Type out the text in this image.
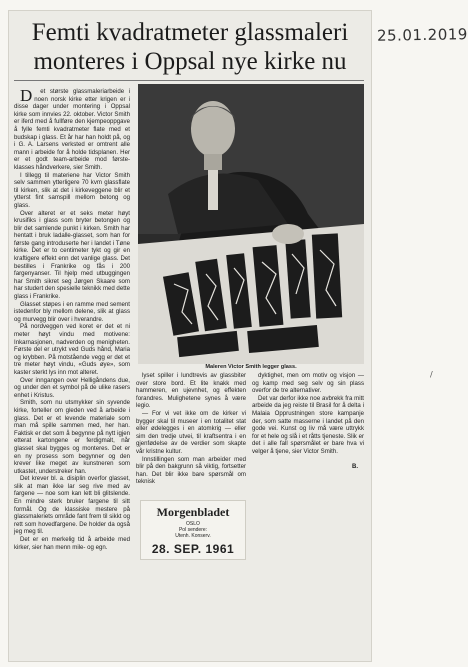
25.01.2019
Femti kvadratmeter glassmaleri
monteres i Oppsal nye kirke nu

Det største glassmaleriarbeide i noen norsk kirke etter krigen er i disse dager under montering i Oppsal kirke som innvies 22. oktober. Victor Smith er iferd med å fullføre den kjempeoppgave å fylle femti kvadratmeter flate med et budskap i glass. Et år har han holdt på, og i G. A. Larsens verksted er omtrent alle mann i arbeide for å holde tidsplanen. Her er et godt team-arbeide mod første-klasses håndverkere, sier Smith.

I tillegg til materiene har Victor Smith selv sammen ytterligere 70 kvm glassflate til kirken, slik at det i kirkeveggene blir et ytterst fint samspill mellom betong og glass.

Over alteret er et seks meter høyt krusifiks i glass som bryter betongen og blir det samlende punkt i kirken. Smith har hentatt i bruk ladalle-glasset, som han for første gang introduserte her i landet i Tøne kirke. Det er to centimeter tykt og gir en kraftigere effekt enn det vanlige glass. Det bestilles i Frankrike og fås i 200 fargenyanser. Til hjelp med utbuggingen har Smith sikret seg Jørgen Skaare som har studert den spesielle teknikk med dette glass i Frankrike.

Glasset støpes i en ramme med sement istedenfor bly mellom delene, slik at glass og murvegg blir over i hverandre.

På nordveggen ved koret er det et ni meter høyt vindu med motivene: Inkarnasjonen, nadverden og menigheten. Første del er utrykt ved Guds hånd, Maria og krybben. På motstående vegg er det et tre meter høyt vindu, «Guds øye», som kaster sterkt lys inn mot alteret.

Over inngangen over Helligåndens due, og under den et symbol på de ulike rasers enhet i Kristus.

Smith, som nu utsmykker sin syvende kirke, forteller om gleden ved å arbeide i glass. Det er et levende materiale som man må spille sammen med, her han. Faktisk er det som å begynne på nytt igjen etterat kartongene er ferdigmalt, når glasset skal bygges og monteres. Det er en ny prosess som begynner og den krever like meget av kunstneren som utkastet, understreker han.

Det krever bl. a. disiplin overfor glasset, slik at man ikke lar seg rive med av fargene — noe som kan lett bli glitslende. En mindre sterk bruker fargene til sitt formål. Og de klassiske mestere på glassmaleriets område fant frem til sikkt og rett som hovedfargene. De holder da også jeg meg til.

Det er en merkelig tid å arbeide med kirker, sier han menn mile- og egn.

Maleren Victor Smith legger glass.

lyset spiller i lundtrevis av glassbiter over store bord. Et lite knakk med hammeren, en ujevnhet, og effekten forandres. Mulighetene synes å være legio.

— For vi vet ikke om de kirker vi bygger skal til museer i en totalitet stat eller ødelegges i en atomkrig — eller sim den tredje utvei, til kraftsentra i en gjenfødelse av de verdier som skapte vår kristne kultur.

Innstillingen som man arbeider med blir på den bakgrunn så viktig, fortsetter han. Det blir ikke bare spørsmål om teknisk

dyktighet, men om motiv og visjon — og kamp med seg selv og sin plass overfor de tre alternativer.

Det var derfor ikke noe avbrekk fra mitt arbeide da jeg reiste til Brasil for å delta i Malaia Opprustningen store kampanje der, som satte masserne i landet på den gode vei. Kunst og liv må være uttrykk for et hele og slå i et råtts tjeneste. Slik er det i alle fall spørsmålet er bare hva vi velger å tjene, sier Victor Smith.

B.
Morgenbladet
OSLO
Pol sendere:
Utenh. Konserv.
28. SEP. 1961
/
